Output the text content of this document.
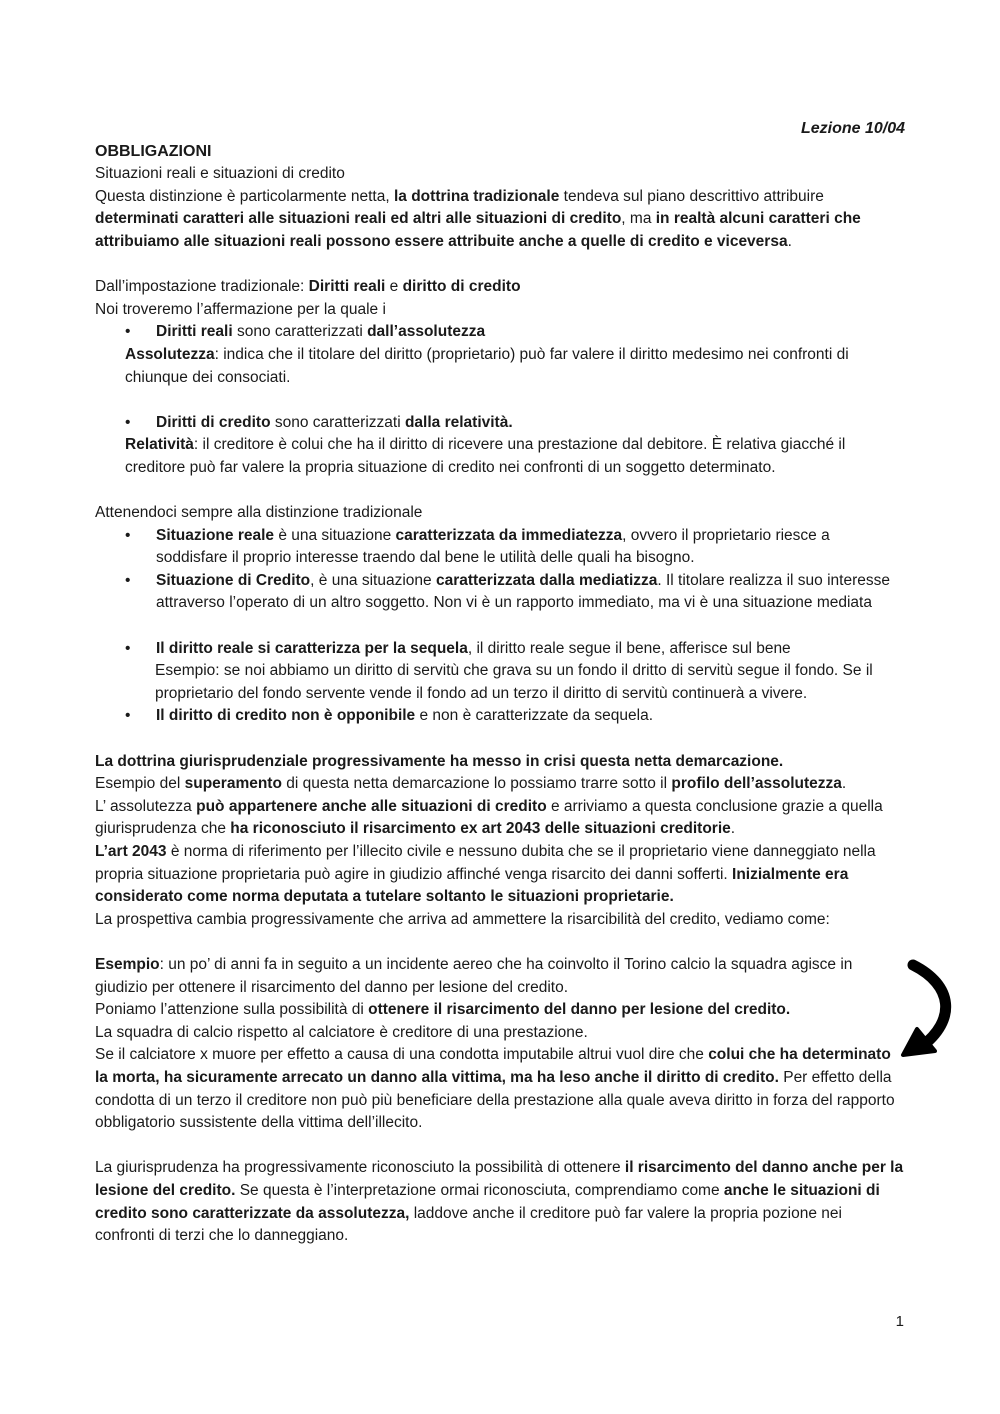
Lezione 10/04
OBBLIGAZIONI

Situazioni reali e situazioni di credito

Questa distinzione è particolarmente netta, la dottrina tradizionale tendeva sul piano descrittivo attribuire determinati caratteri alle situazioni reali ed altri alle situazioni di credito, ma in realtà alcuni caratteri che attribuiamo alle situazioni reali possono essere attribuite anche a quelle di credito e viceversa.

Dall’impostazione tradizionale: Diritti reali e diritto di credito

Noi troveremo l’affermazione per la quale i

• Diritti reali sono caratterizzati dall’assolutezza

Assolutezza: indica che il titolare del diritto (proprietario) può far valere il diritto medesimo nei confronti di chiunque dei consociati.

• Diritti di credito sono caratterizzati dalla relatività.

Relatività: il creditore è colui che ha il diritto di ricevere una prestazione dal debitore. È relativa giacché il creditore può far valere la propria situazione di credito nei confronti di un soggetto determinato.

Attenendoci sempre alla distinzione tradizionale

• Situazione reale è una situazione caratterizzata da immediatezza, ovvero il proprietario riesce a soddisfare il proprio interesse traendo dal bene le utilità delle quali ha bisogno.
• Situazione di Credito, è una situazione caratterizzata dalla mediatizza. Il titolare realizza il suo interesse attraverso l’operato di un altro soggetto. Non vi è un rapporto immediato, ma vi è una situazione mediata
• Il diritto reale si caratterizza per la sequela, il diritto reale segue il bene, afferisce sul bene

Esempio: se noi abbiamo un diritto di servitù che grava su un fondo il dritto di servitù segue il fondo. Se il proprietario del fondo servente vende il fondo ad un terzo il diritto di servitù continuerà a vivere.

• Il diritto di credito non è opponibile e non è caratterizzate da sequela.

La dottrina giurisprudenziale progressivamente ha messo in crisi questa netta demarcazione.

Esempio del superamento di questa netta demarcazione lo possiamo trarre sotto il profilo dell’assolutezza.

L’ assolutezza può appartenere anche alle situazioni di credito e arriviamo a questa conclusione grazie a quella giurisprudenza che ha riconosciuto il risarcimento ex art 2043 delle situazioni creditorie.

L’art 2043 è norma di riferimento per l’illecito civile e nessuno dubita che se il proprietario viene danneggiato nella propria situazione proprietaria può agire in giudizio affinché venga risarcito dei danni sofferti. Inizialmente era considerato come norma deputata a tutelare soltanto le situazioni proprietarie.

La prospettiva cambia progressivamente che arriva ad ammettere la risarcibilità del credito, vediamo come:

Esempio: un po’ di anni fa in seguito a un incidente aereo che ha coinvolto il Torino calcio la squadra agisce in giudizio per ottenere il risarcimento del danno per lesione del credito.

Poniamo l’attenzione sulla possibilità di ottenere il risarcimento del danno per lesione del credito.

La squadra di calcio rispetto al calciatore è creditore di una prestazione.

Se il calciatore x muore per effetto a causa di una condotta imputabile altrui vuol dire che colui che ha determinato la morta, ha sicuramente arrecato un danno alla vittima, ma ha leso anche il diritto di credito. Per effetto della condotta di un terzo il creditore non può più beneficiare della prestazione alla quale aveva diritto in forza del rapporto obbligatorio sussistente della vittima dell’illecito.

La giurisprudenza ha progressivamente riconosciuto la possibilità di ottenere il risarcimento del danno anche per la lesione del credito. Se questa è l’interpretazione ormai riconosciuta, comprendiamo come anche le situazioni di credito sono caratterizzate da assolutezza, laddove anche il creditore può far valere la propria pozione nei confronti di terzi che lo danneggiano.

1
